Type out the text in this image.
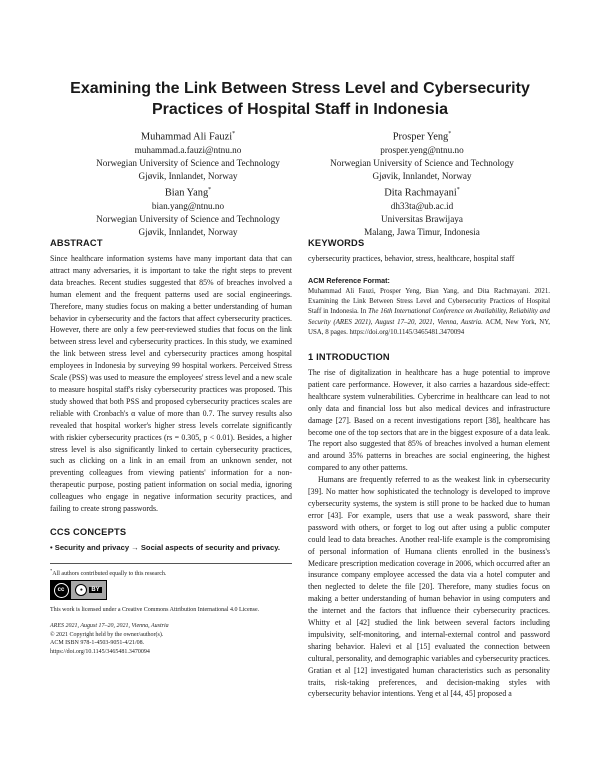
Examining the Link Between Stress Level and Cybersecurity
Practices of Hospital Staff in Indonesia
Muhammad Ali Fauzi*
muhammad.a.fauzi@ntnu.no
Norwegian University of Science and Technology
Gjøvik, Innlandet, Norway
Prosper Yeng*
prosper.yeng@ntnu.no
Norwegian University of Science and Technology
Gjøvik, Innlandet, Norway
Bian Yang*
bian.yang@ntnu.no
Norwegian University of Science and Technology
Gjøvik, Innlandet, Norway
Dita Rachmayani*
dh33ta@ub.ac.id
Universitas Brawijaya
Malang, Jawa Timur, Indonesia
ABSTRACT

Since healthcare information systems have many important data that can attract many adversaries, it is important to take the right steps to prevent data breaches. Recent studies suggested that 85% of breaches involved a human element and the frequent patterns used are social engineerings. Therefore, many studies focus on making a better understanding of human behavior in cybersecurity and the factors that affect cybersecurity practices. However, there are only a few peer-reviewed studies that focus on the link between stress level and cybersecurity practices. In this study, we examined the link between stress level and cybersecurity practices among hospital employees in Indonesia by surveying 99 hospital workers. Perceived Stress Scale (PSS) was used to measure the employees' stress level and a new scale to measure hospital staff's risky cybersecurity practices was proposed. This study showed that both PSS and proposed cybersecurity practices scales are reliable with Cronbach's α value of more than 0.7. The survey results also revealed that hospital worker's higher stress levels correlate significantly with riskier cybersecurity practices (rs = 0.305, p < 0.01). Besides, a higher stress level is also significantly linked to certain cybersecurity practices, such as clicking on a link in an email from an unknown sender, not preventing colleagues from viewing patients' information for a non-therapeutic purpose, posting patient information on social media, ignoring colleagues who engage in negative information security practices, and failing to create strong passwords.

CCS CONCEPTS

• Security and privacy → Social aspects of security and privacy.

*All authors contributed equally to this research.
cc	●	BY

This work is licensed under a Creative Commons Attribution International 4.0 License.

ARES 2021, August 17–20, 2021, Vienna, Austria
© 2021 Copyright held by the owner/author(s).
ACM ISBN 978-1-4503-9051-4/21/08.
https://doi.org/10.1145/3465481.3470094

KEYWORDS

cybersecurity practices, behavior, stress, healthcare, hospital staff

ACM Reference Format:

Muhammad Ali Fauzi, Prosper Yeng, Bian Yang, and Dita Rachmayani. 2021. Examining the Link Between Stress Level and Cybersecurity Practices of Hospital Staff in Indonesia. In The 16th International Conference on Availability, Reliability and Security (ARES 2021), August 17–20, 2021, Vienna, Austria. ACM, New York, NY, USA, 8 pages. https://doi.org/10.1145/3465481.3470094

1 INTRODUCTION

The rise of digitalization in healthcare has a huge potential to improve patient care performance. However, it also carries a hazardous side-effect: healthcare system vulnerabilities. Cybercrime in healthcare can lead to not only data and financial loss but also medical devices and infrastructure damage [27]. Based on a recent investigations report [38], healthcare has become one of the top sectors that are in the biggest exposure of a data leak. The report also suggested that 85% of breaches involved a human element and around 35% patterns in breaches are social engineering, the highest compared to any other patterns.

Humans are frequently referred to as the weakest link in cybersecurity [39]. No matter how sophisticated the technology is developed to improve cybersecurity systems, the system is still prone to be hacked due to human error [43]. For example, users that use a weak password, share their password with others, or forget to log out after using a public computer could lead to data breaches. Another real-life example is the compromising of personal information of Humana clients enrolled in the business's Medicare prescription medication coverage in 2006, which occurred after an insurance company employee accessed the data via a hotel computer and then neglected to delete the file [20]. Therefore, many studies focus on making a better understanding of human behavior in using computers and the internet and the factors that influence their cybersecurity practices. Whitty et al [42] studied the link between several factors including impulsivity, self-monitoring, and internal-external control and password sharing behavior. Halevi et al [15] evaluated the connection between cultural, personality, and demographic variables and cybersecurity practices. Gratian et al [12] investigated human characteristics such as personality traits, risk-taking preferences, and decision-making styles with cybersecurity behavior intentions. Yeng et al [44, 45] proposed a
